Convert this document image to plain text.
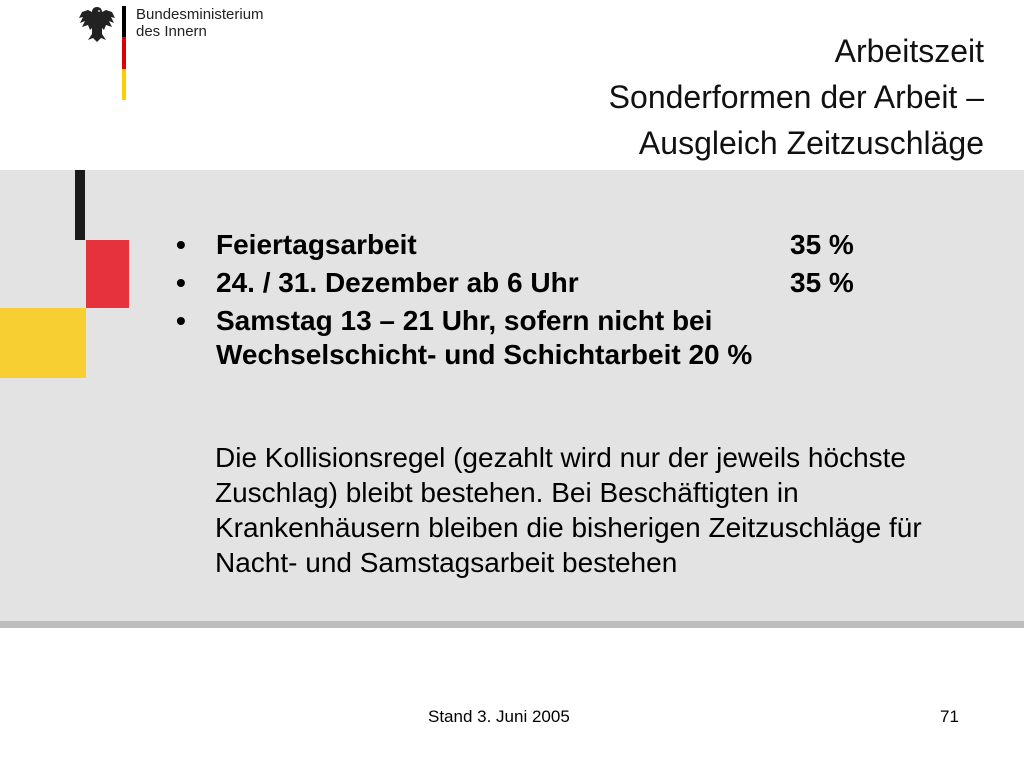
Bundesministerium
des Innern
Arbeitszeit
Sonderformen der Arbeit –
Ausgleich Zeitzuschläge
• Feiertagsarbeit	35 %
• 24. / 31. Dezember ab 6 Uhr	35 %
• Samstag 13 – 21 Uhr, sofern nicht bei
Wechselschicht- und Schichtarbeit 20 %
Die Kollisionsregel (gezahlt wird nur der jeweils höchste Zuschlag) bleibt bestehen. Bei Beschäftigten in Krankenhäusern bleiben die bisherigen Zeitzuschläge für Nacht- und Samstagsarbeit bestehen
Stand 3. Juni 2005	71
